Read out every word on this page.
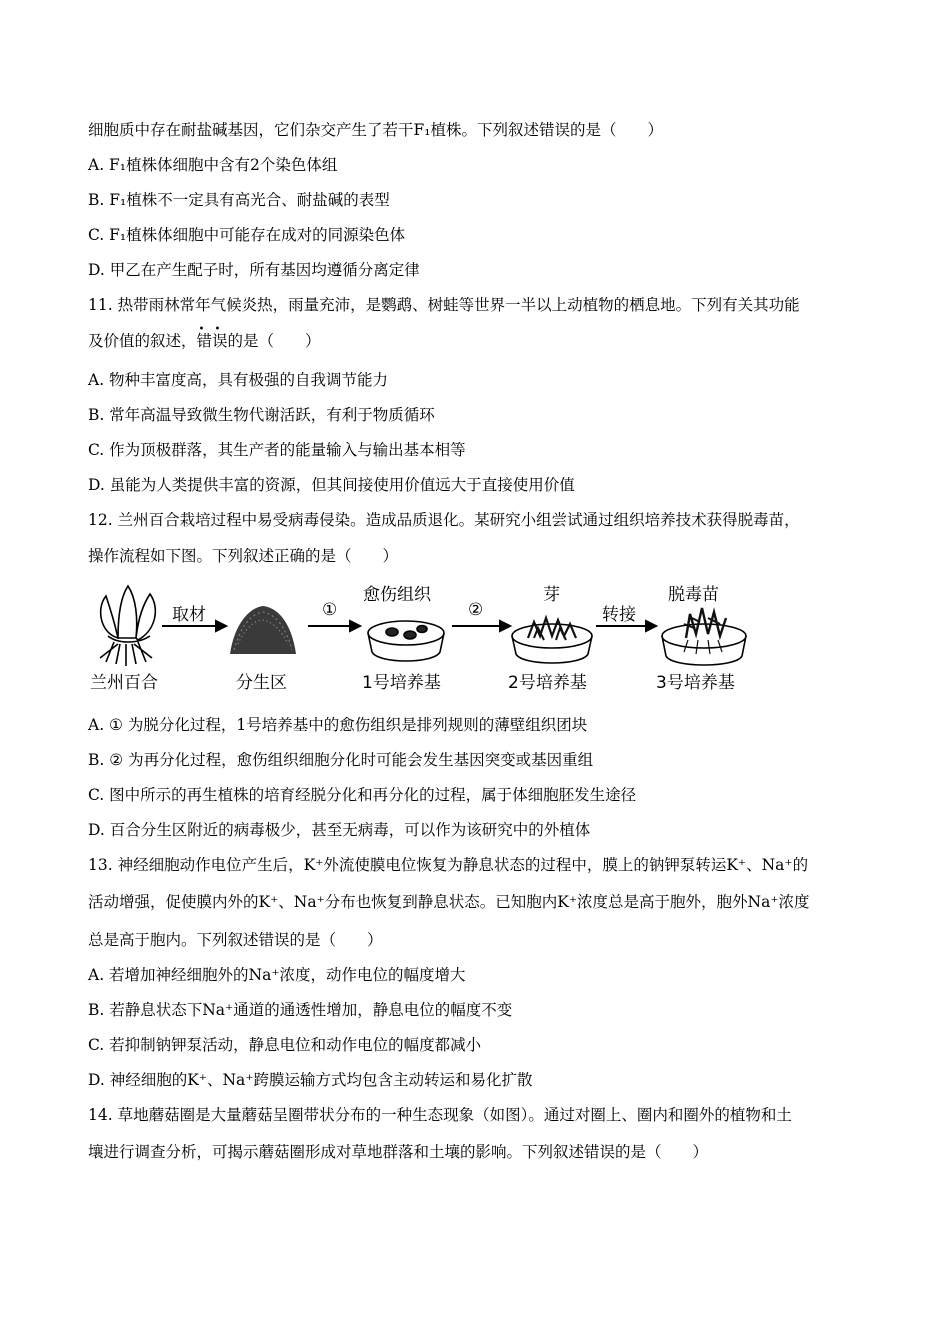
细胞质中存在耐盐碱基因，它们杂交产生了若干F₁植株。下列叙述错误的是（　　）
A. F₁植株体细胞中含有2个染色体组
B. F₁植株不一定具有高光合、耐盐碱的表型
C. F₁植株体细胞中可能存在成对的同源染色体
D. 甲乙在产生配子时，所有基因均遵循分离定律
11. 热带雨林常年气候炎热，雨量充沛，是鹦鹉、树蛙等世界一半以上动植物的栖息地。下列有关其功能
及价值的叙述，
• •
错误的是（　　）
A. 物种丰富度高，具有极强的自我调节能力
B. 常年高温导致微生物代谢活跃，有利于物质循环
C. 作为顶极群落，其生产者的能量输入与输出基本相等
D. 虽能为人类提供丰富的资源，但其间接使用价值远大于直接使用价值
12. 兰州百合栽培过程中易受病毒侵染。造成品质退化。某研究小组尝试通过组织培养技术获得脱毒苗，
操作流程如下图。下列叙述正确的是（　　）
愈伤组织	芽	脱毒苗
取材	①	②	转接
兰州百合	分生区	1号培养基	2号培养基	3号培养基
A. ① 为脱分化过程，1号培养基中的愈伤组织是排列规则的薄壁组织团块
B. ② 为再分化过程，愈伤组织细胞分化时可能会发生基因突变或基因重组
C. 图中所示的再生植株的培育经脱分化和再分化的过程，属于体细胞胚发生途径
D. 百合分生区附近的病毒极少，甚至无病毒，可以作为该研究中的外植体
13. 神经细胞动作电位产生后，K⁺外流使膜电位恢复为静息状态的过程中，膜上的钠钾泵转运K⁺、Na⁺的
活动增强，促使膜内外的K⁺、Na⁺分布也恢复到静息状态。已知胞内K⁺浓度总是高于胞外，胞外Na⁺浓度
总是高于胞内。下列叙述错误的是（　　）
A. 若增加神经细胞外的Na⁺浓度，动作电位的幅度增大
B. 若静息状态下Na⁺通道的通透性增加，静息电位的幅度不变
C. 若抑制钠钾泵活动，静息电位和动作电位的幅度都减小
D. 神经细胞的K⁺、Na⁺跨膜运输方式均包含主动转运和易化扩散
14. 草地蘑菇圈是大量蘑菇呈圈带状分布的一种生态现象（如图）。通过对圈上、圈内和圈外的植物和土
壤进行调查分析，可揭示蘑菇圈形成对草地群落和土壤的影响。下列叙述错误的是（　　）
